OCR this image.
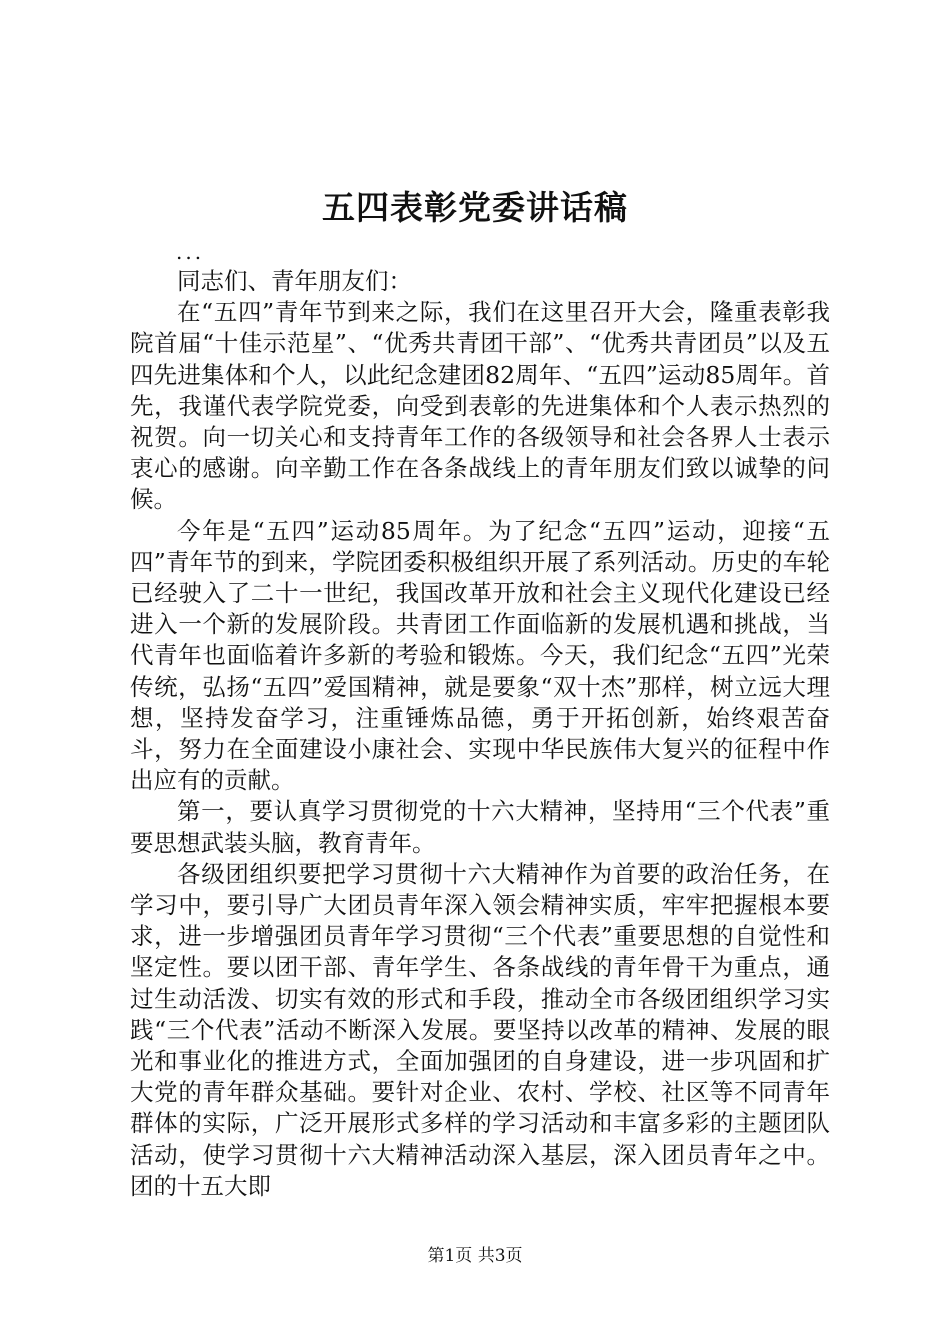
五四表彰党委讲话稿
...

同志们、青年朋友们：

在“五四”青年节到来之际，我们在这里召开大会，隆重表彰我院首届“十佳示范星”、“优秀共青团干部”、“优秀共青团员”以及五四先进集体和个人，以此纪念建团82周年、“五四”运动85周年。首先，我谨代表学院党委，向受到表彰的先进集体和个人表示热烈的祝贺。向一切关心和支持青年工作的各级领导和社会各界人士表示衷心的感谢。向辛勤工作在各条战线上的青年朋友们致以诚挚的问候。

今年是“五四”运动85周年。为了纪念“五四”运动，迎接“五四”青年节的到来，学院团委积极组织开展了系列活动。历史的车轮已经驶入了二十一世纪，我国改革开放和社会主义现代化建设已经进入一个新的发展阶段。共青团工作面临新的发展机遇和挑战，当代青年也面临着许多新的考验和锻炼。今天，我们纪念“五四”光荣传统，弘扬“五四”爱国精神，就是要象“双十杰”那样，树立远大理想，坚持发奋学习，注重锤炼品德，勇于开拓创新，始终艰苦奋斗，努力在全面建设小康社会、实现中华民族伟大复兴的征程中作出应有的贡献。

第一，要认真学习贯彻党的十六大精神，坚持用“三个代表”重要思想武装头脑，教育青年。

各级团组织要把学习贯彻十六大精神作为首要的政治任务，在学习中，要引导广大团员青年深入领会精神实质，牢牢把握根本要求，进一步增强团员青年学习贯彻“三个代表”重要思想的自觉性和坚定性。要以团干部、青年学生、各条战线的青年骨干为重点，通过生动活泼、切实有效的形式和手段，推动全市各级团组织学习实践“三个代表”活动不断深入发展。要坚持以改革的精神、发展的眼光和事业化的推进方式，全面加强团的自身建设，进一步巩固和扩大党的青年群众基础。要针对企业、农村、学校、社区等不同青年群体的实际，广泛开展形式多样的学习活动和丰富多彩的主题团队活动，使学习贯彻十六大精神活动深入基层，深入团员青年之中。团的十五大即

第1页 共3页
